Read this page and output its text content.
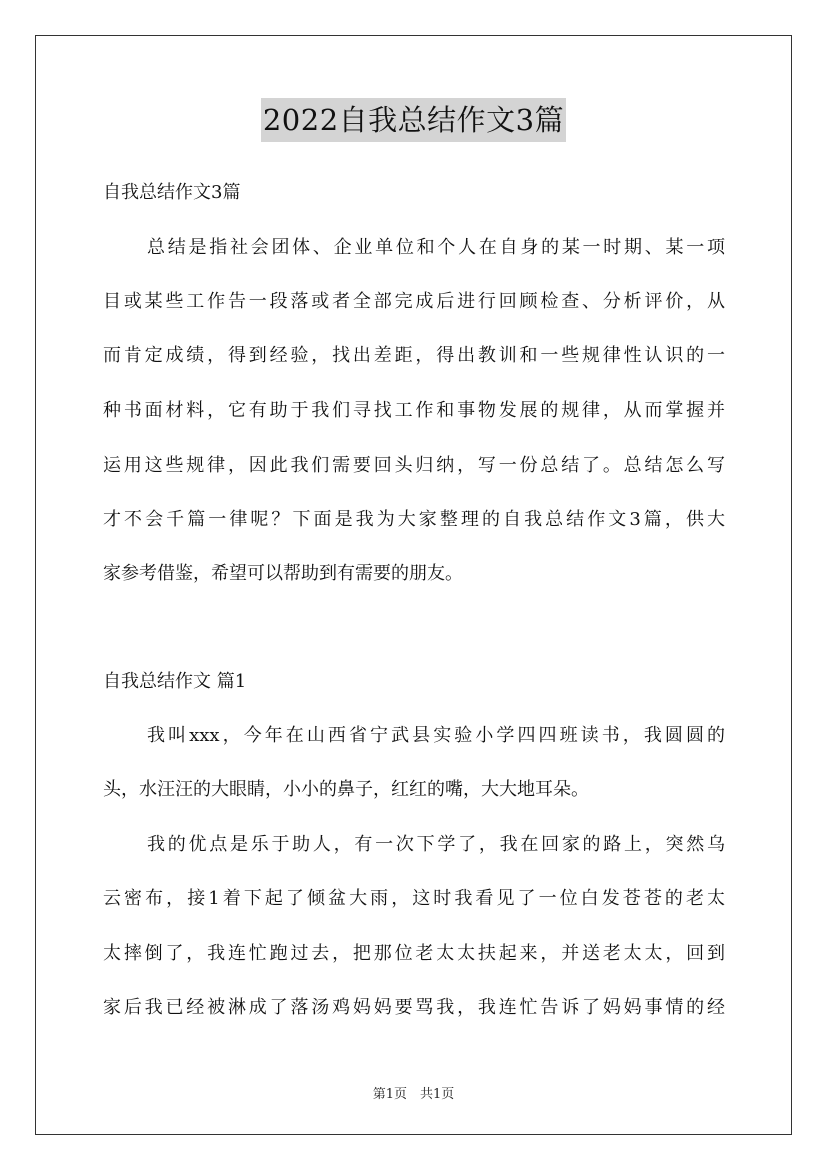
2022自我总结作文3篇
自我总结作文3篇
总结是指社会团体、企业单位和个人在自身的某一时期、某一项
目或某些工作告一段落或者全部完成后进行回顾检查、分析评价，从
而肯定成绩，得到经验，找出差距，得出教训和一些规律性认识的一
种书面材料，它有助于我们寻找工作和事物发展的规律，从而掌握并
运用这些规律，因此我们需要回头归纳，写一份总结了。总结怎么写
才不会千篇一律呢？下面是我为大家整理的自我总结作文3篇，供大
家参考借鉴，希望可以帮助到有需要的朋友。
自我总结作文 篇1
我叫xxx，今年在山西省宁武县实验小学四四班读书，我圆圆的
头，水汪汪的大眼睛，小小的鼻子，红红的嘴，大大地耳朵。
我的优点是乐于助人，有一次下学了，我在回家的路上，突然乌
云密布，接1着下起了倾盆大雨，这时我看见了一位白发苍苍的老太
太摔倒了，我连忙跑过去，把那位老太太扶起来，并送老太太，回到
家后我已经被淋成了落汤鸡妈妈要骂我，我连忙告诉了妈妈事情的经
第1页　共1页
